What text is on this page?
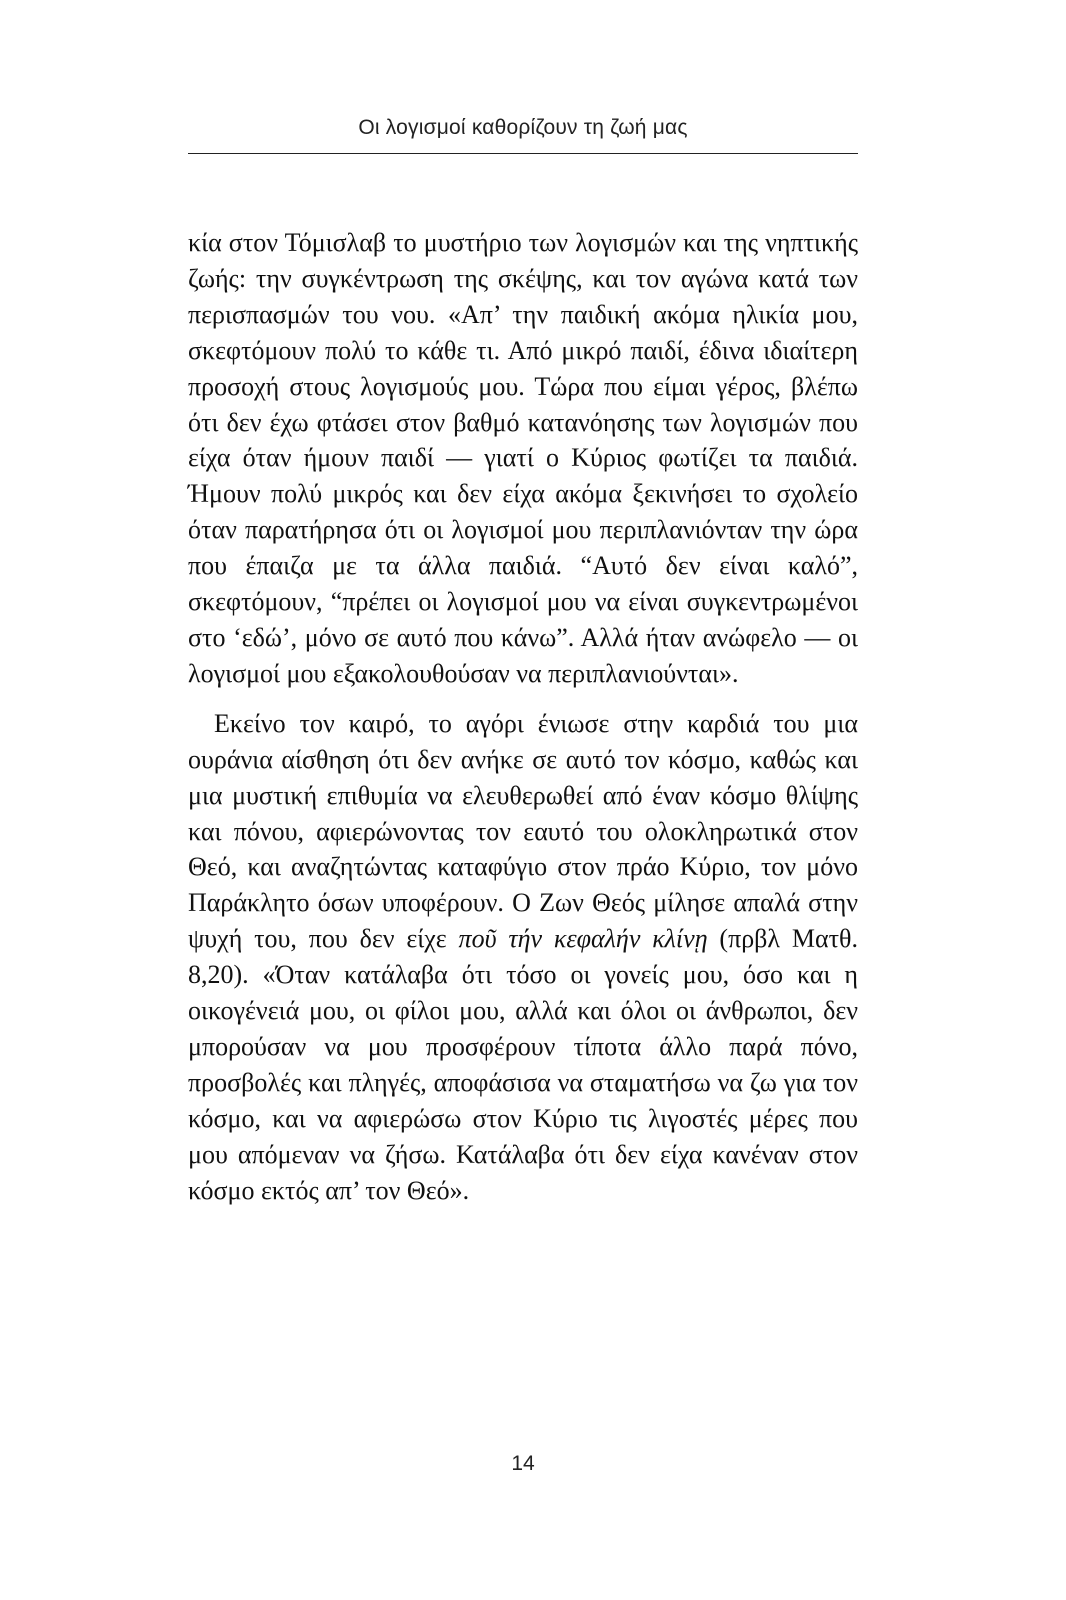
Οι λογισμοί καθορίζουν τη ζωή μας

κία στον Τόμισλαβ το μυστήριο των λογισμών και της νηπτικής ζωής: την συγκέντρωση της σκέψης, και τον αγώνα κατά των περισπασμών του νου. «Απ’ την παιδική ακόμα ηλικία μου, σκεφτόμουν πολύ το κάθε τι. Από μικρό παιδί, έδινα ιδιαίτερη προσοχή στους λογισμούς μου. Τώρα που είμαι γέρος, βλέπω ότι δεν έχω φτάσει στον βαθμό κατανόησης των λογισμών που είχα όταν ήμουν παιδί — γιατί ο Κύριος φωτίζει τα παιδιά. Ήμουν πολύ μικρός και δεν είχα ακόμα ξεκινήσει το σχολείο όταν παρατήρησα ότι οι λογισμοί μου περιπλανιόνταν την ώρα που έπαιζα με τα άλλα παιδιά. “Αυτό δεν είναι καλό”, σκεφτόμουν, “πρέπει οι λογισμοί μου να είναι συγκεντρωμένοι στο ‘εδώ’, μόνο σε αυτό που κάνω”. Αλλά ήταν ανώφελο — οι λογισμοί μου εξακολουθούσαν να περιπλανιούνται».

Εκείνο τον καιρό, το αγόρι ένιωσε στην καρδιά του μια ουράνια αίσθηση ότι δεν ανήκε σε αυτό τον κόσμο, καθώς και μια μυστική επιθυμία να ελευθερωθεί από έναν κόσμο θλίψης και πόνου, αφιερώνοντας τον εαυτό του ολοκληρωτικά στον Θεό, και αναζητώντας καταφύγιο στον πράο Κύριο, τον μόνο Παράκλητο όσων υποφέρουν. Ο Ζων Θεός μίλησε απαλά στην ψυχή του, που δεν είχε ποῦ τήν κεφαλήν κλίνῃ (πρβλ Ματθ. 8,20). «Όταν κατάλαβα ότι τόσο οι γονείς μου, όσο και η οικογένειά μου, οι φίλοι μου, αλλά και όλοι οι άνθρωποι, δεν μπορούσαν να μου προσφέρουν τίποτα άλλο παρά πόνο, προσβολές και πληγές, αποφάσισα να σταματήσω να ζω για τον κόσμο, και να αφιερώσω στον Κύριο τις λιγοστές μέρες που μου απόμεναν να ζήσω. Κατάλαβα ότι δεν είχα κανέναν στον κόσμο εκτός απ’ τον Θεό».

14
